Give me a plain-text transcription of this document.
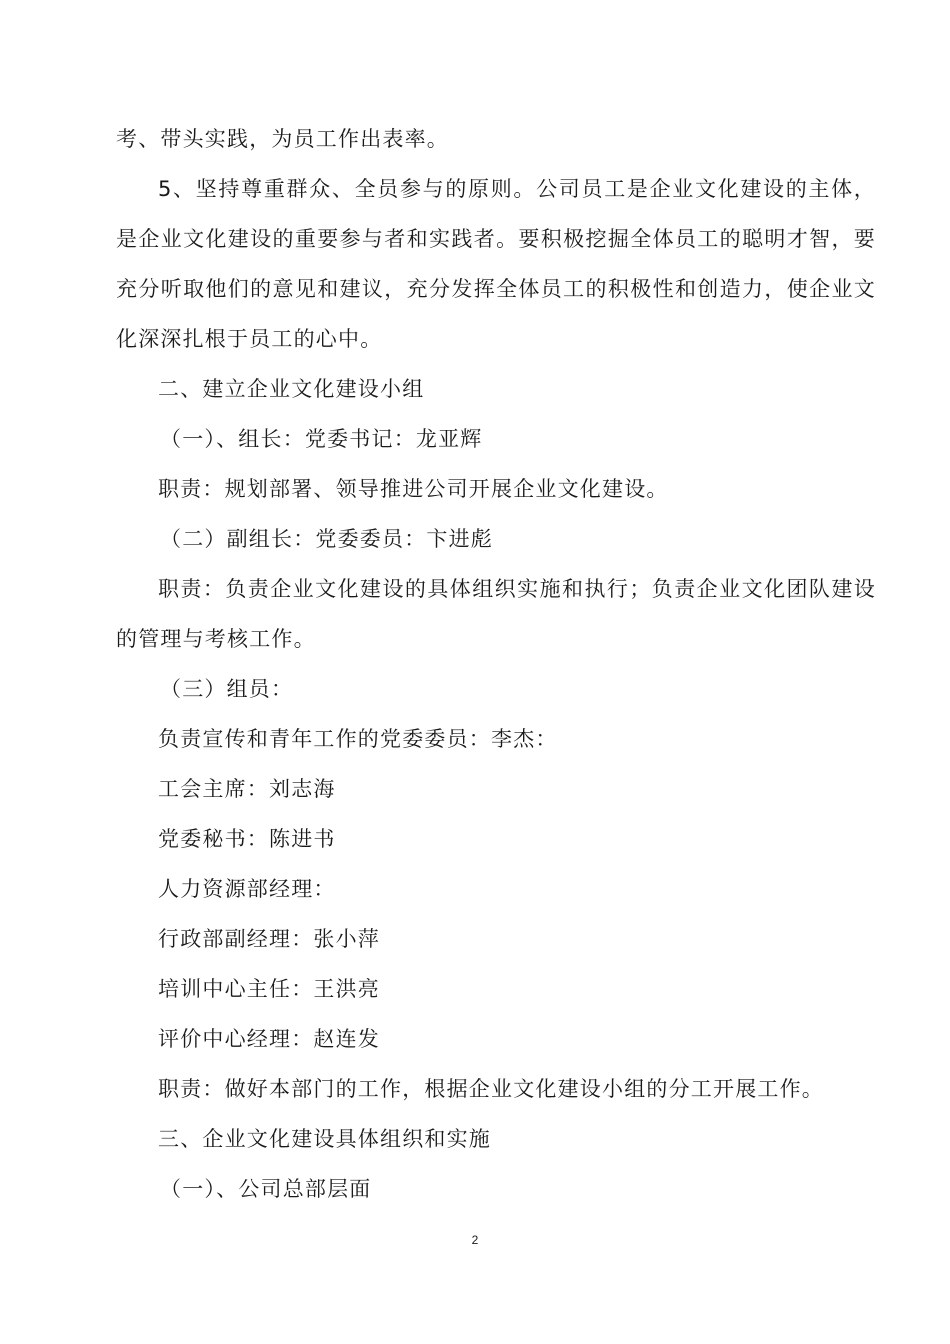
考、带头实践，为员工作出表率。
5、坚持尊重群众、全员参与的原则。公司员工是企业文化建设的主体，
是企业文化建设的重要参与者和实践者。要积极挖掘全体员工的聪明才智，要
充分听取他们的意见和建议，充分发挥全体员工的积极性和创造力，使企业文
化深深扎根于员工的心中。
二、建立企业文化建设小组
（一）、组长：党委书记：龙亚辉
职责：规划部署、领导推进公司开展企业文化建设。
（二）副组长：党委委员：卞进彪
职责：负责企业文化建设的具体组织实施和执行；负责企业文化团队建设
的管理与考核工作。
（三）组员：
负责宣传和青年工作的党委委员：李杰：
工会主席：刘志海
党委秘书：陈进书
人力资源部经理：
行政部副经理：张小萍
培训中心主任：王洪亮
评价中心经理：赵连发
职责：做好本部门的工作，根据企业文化建设小组的分工开展工作。
三、企业文化建设具体组织和实施
（一）、公司总部层面
2
